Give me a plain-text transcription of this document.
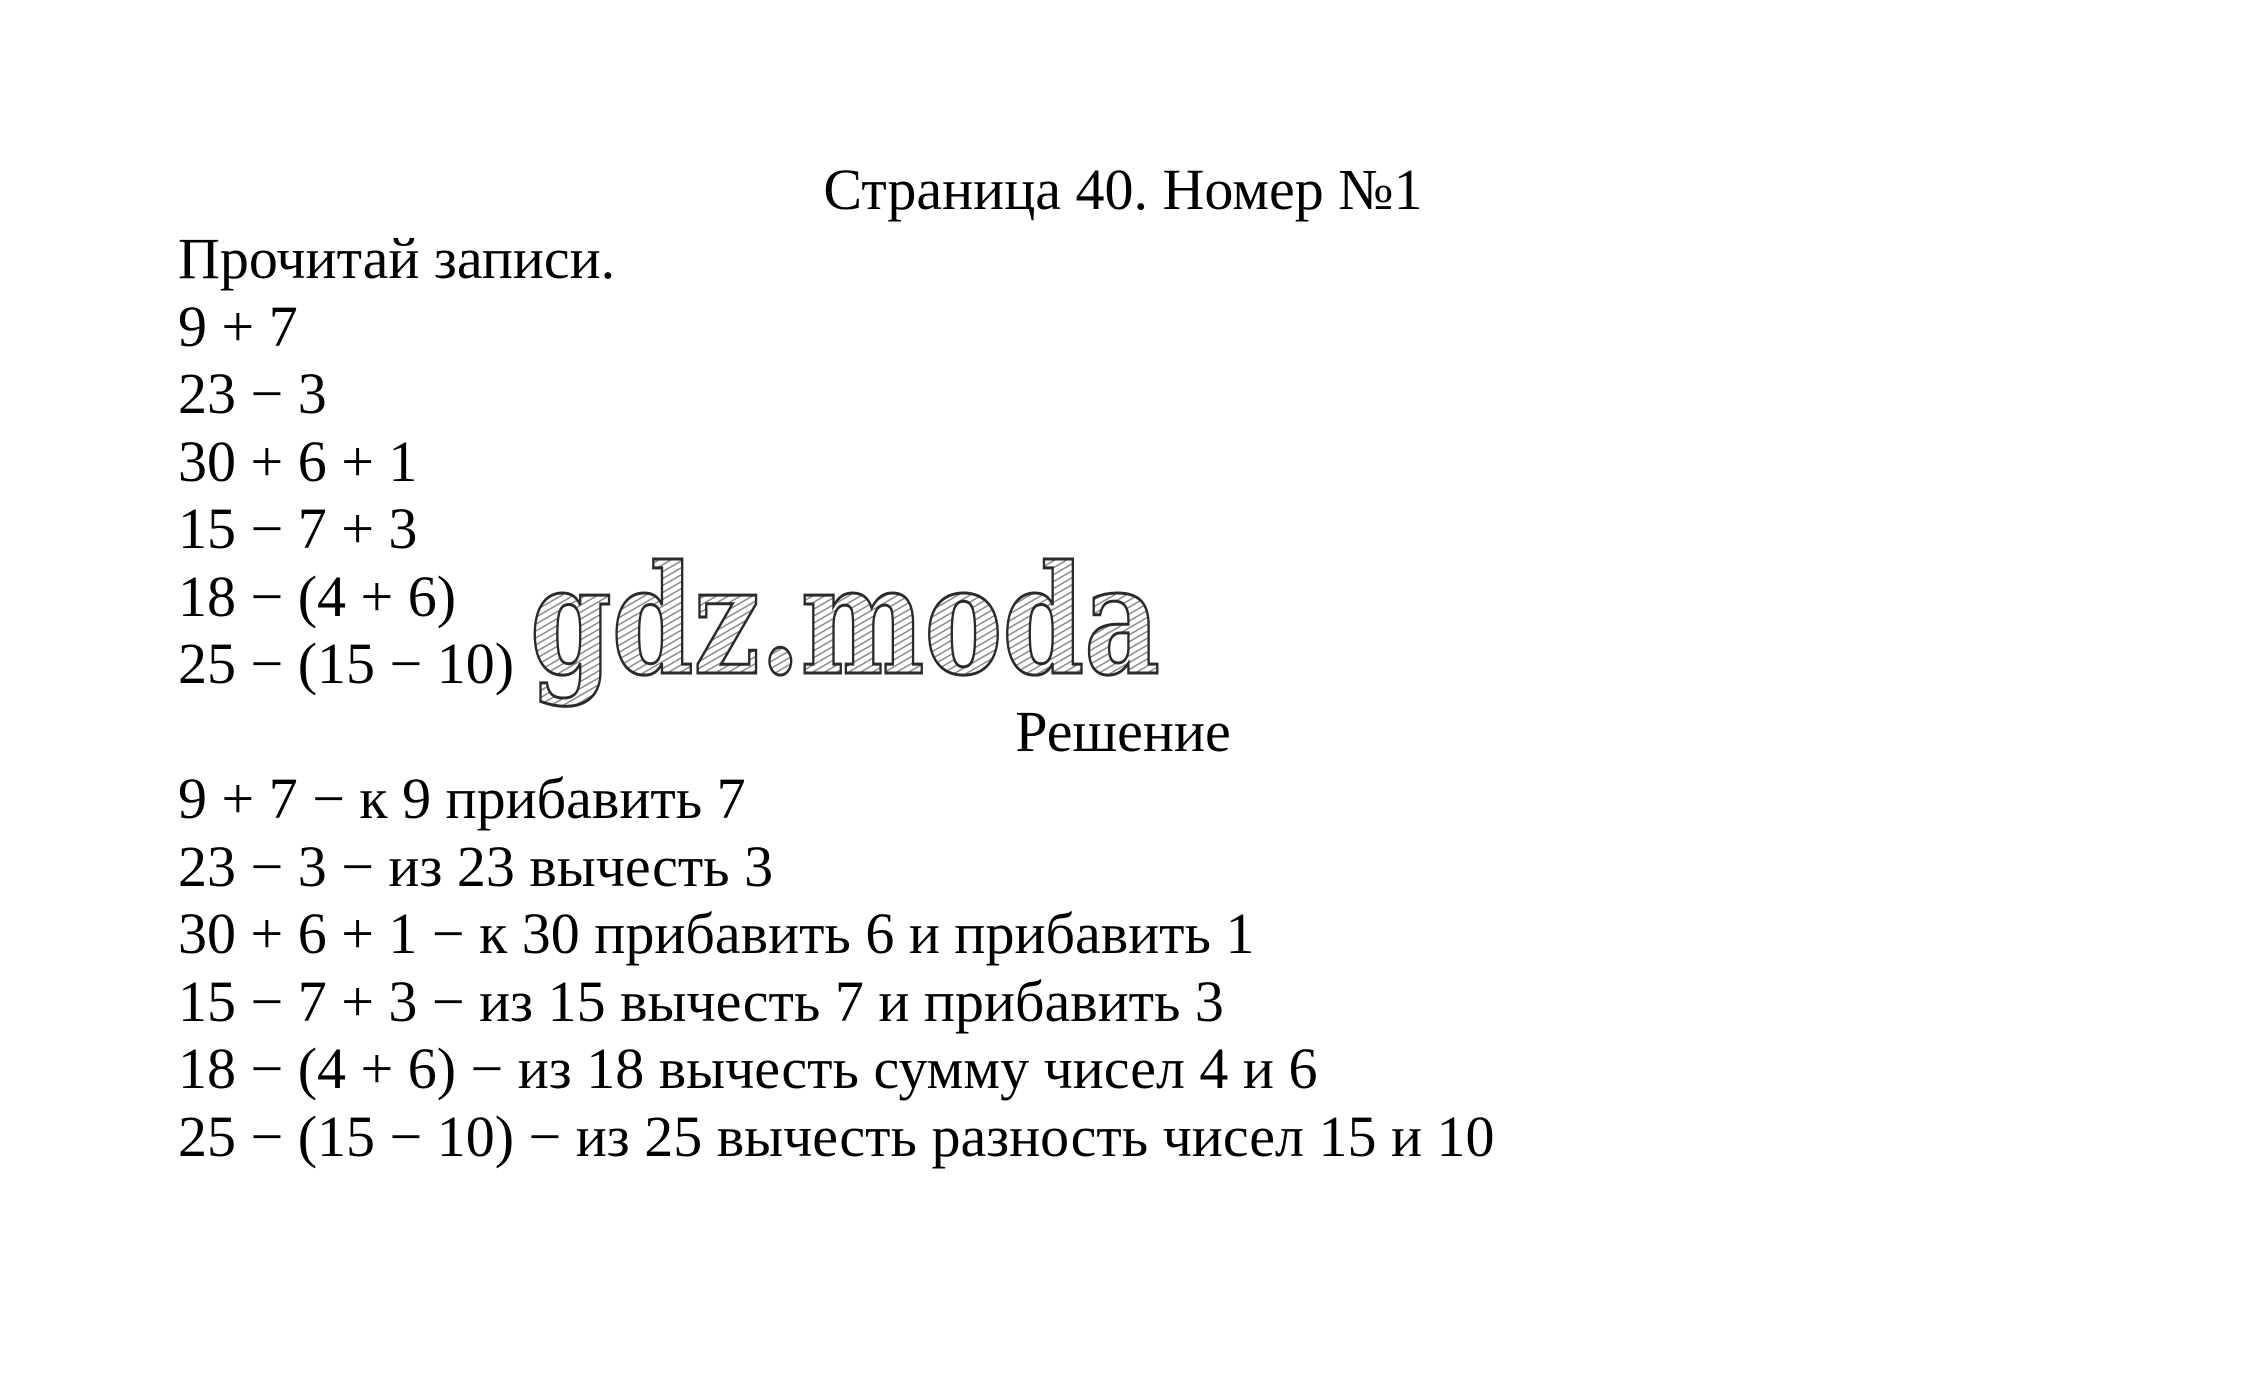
Страница 40. Номер №1
Прочитай записи.
9 + 7
23 − 3
30 + 6 + 1
15 − 7 + 3
18 − (4 + 6)
25 − (15 − 10)
Решение
9 + 7 − к 9 прибавить 7
23 − 3 − из 23 вычесть 3
30 + 6 + 1 − к 30 прибавить 6 и прибавить 1
15 − 7 + 3 − из 15 вычесть 7 и прибавить 3
18 − (4 + 6) − из 18 вычесть сумму чисел 4 и 6
25 − (15 − 10) − из 25 вычесть разность чисел 15 и 10
gdz.moda
